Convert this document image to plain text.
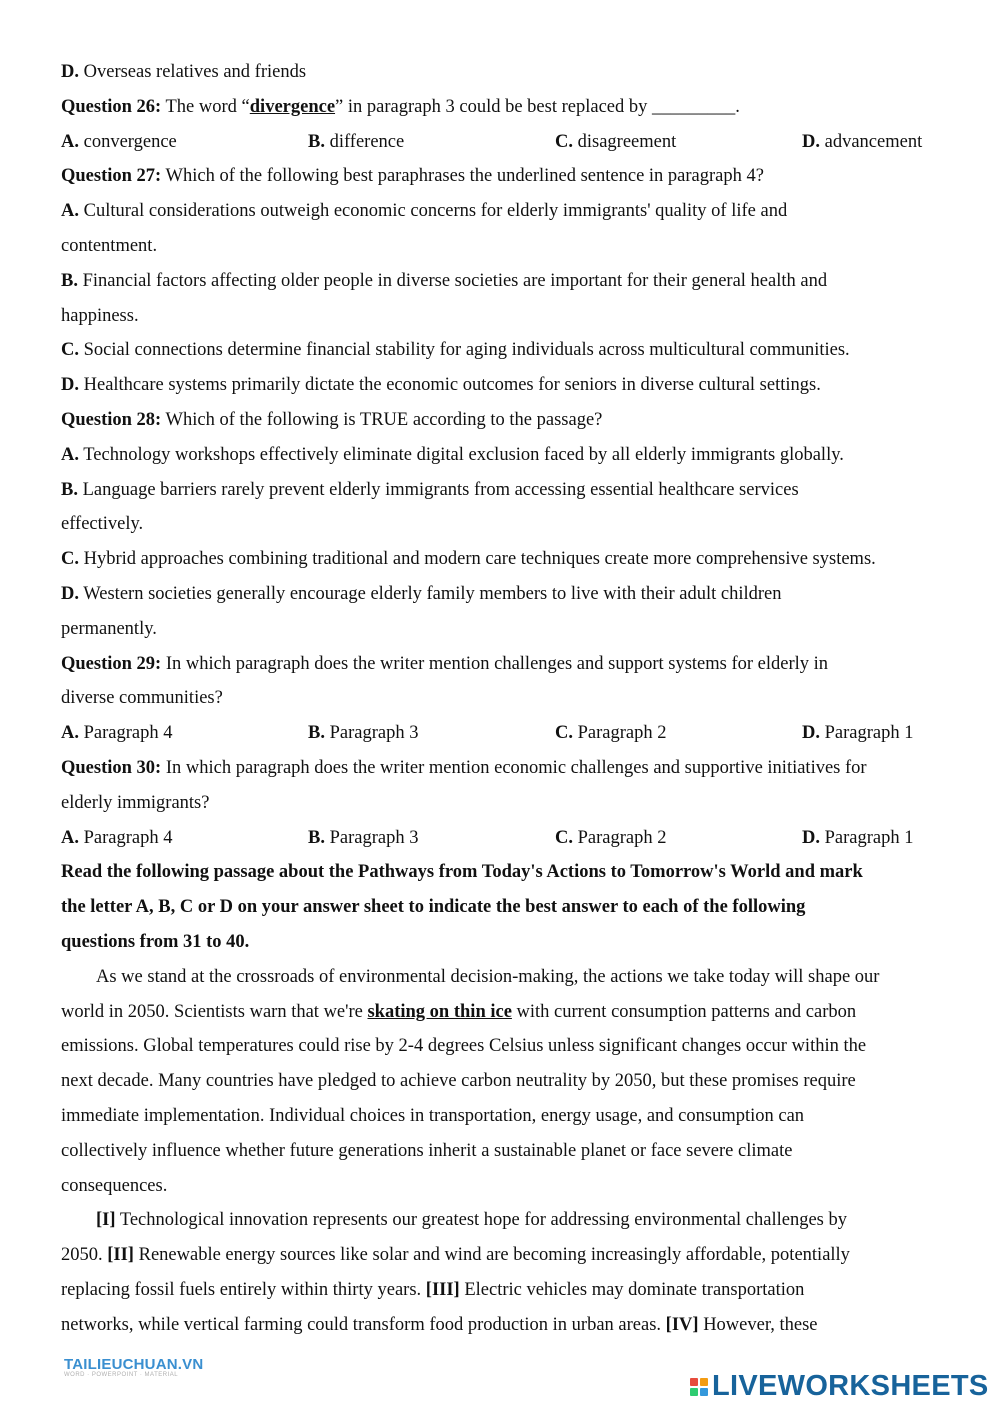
D. Overseas relatives and friends
Question 26: The word “divergence” in paragraph 3 could be best replaced by _________.
A. convergence	B. difference	C. disagreement	D. advancement
Question 27: Which of the following best paraphrases the underlined sentence in paragraph 4?
A. Cultural considerations outweigh economic concerns for elderly immigrants' quality of life and
contentment.
B. Financial factors affecting older people in diverse societies are important for their general health and
happiness.
C. Social connections determine financial stability for aging individuals across multicultural communities.
D. Healthcare systems primarily dictate the economic outcomes for seniors in diverse cultural settings.
Question 28: Which of the following is TRUE according to the passage?
A. Technology workshops effectively eliminate digital exclusion faced by all elderly immigrants globally.
B. Language barriers rarely prevent elderly immigrants from accessing essential healthcare services
effectively.
C. Hybrid approaches combining traditional and modern care techniques create more comprehensive systems.
D. Western societies generally encourage elderly family members to live with their adult children
permanently.
Question 29: In which paragraph does the writer mention challenges and support systems for elderly in
diverse communities?
A. Paragraph 4	B. Paragraph 3	C. Paragraph 2	D. Paragraph 1
Question 30: In which paragraph does the writer mention economic challenges and supportive initiatives for
elderly immigrants?
A. Paragraph 4	B. Paragraph 3	C. Paragraph 2	D. Paragraph 1
Read the following passage about the Pathways from Today's Actions to Tomorrow's World and mark
the letter A, B, C or D on your answer sheet to indicate the best answer to each of the following
questions from 31 to 40.
As we stand at the crossroads of environmental decision-making, the actions we take today will shape our
world in 2050. Scientists warn that we're skating on thin ice with current consumption patterns and carbon
emissions. Global temperatures could rise by 2-4 degrees Celsius unless significant changes occur within the
next decade. Many countries have pledged to achieve carbon neutrality by 2050, but these promises require
immediate implementation. Individual choices in transportation, energy usage, and consumption can
collectively influence whether future generations inherit a sustainable planet or face severe climate
consequences.
[I] Technological innovation represents our greatest hope for addressing environmental challenges by
2050. [II] Renewable energy sources like solar and wind are becoming increasingly affordable, potentially
replacing fossil fuels entirely within thirty years. [III] Electric vehicles may dominate transportation
networks, while vertical farming could transform food production in urban areas. [IV] However, these
TAILIEUCHUAN.VN
WORD · POWERPOINT · MATERIAL	LIVEWORKSHEETS
